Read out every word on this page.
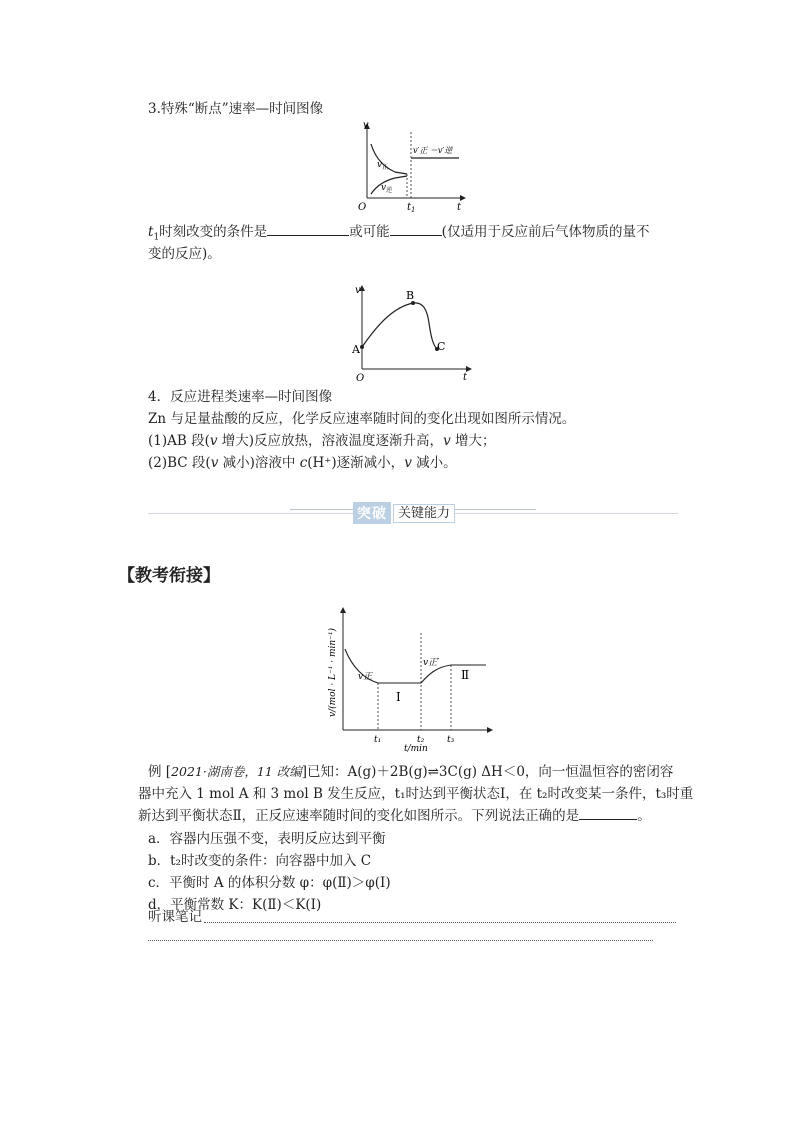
3.特殊“断点”速率—时间图像
v
t
O	$t_1$
$v_正$
$v_逆$
v′正 ＝v′逆
$t_1$时刻改变的条件是	或可能	(仅适用于反应前后气体物质的量不
变的反应)。
v
t
O
A
B
C
4．反应进程类速率—时间图像
Zn 与足量盐酸的反应，化学反应速率随时间的变化出现如图所示情况。
(1)AB 段(v 增大)反应放热，溶液温度逐渐升高，v 增大；
(2)BC 段(v 减小)溶液中 c(H⁺)逐渐减小，v 减小。
突破 关键能力
【教考衔接】
v/(mol · L⁻¹ · min⁻¹) v正
v正′
Ⅰ
Ⅱ
t₁	t₂	t₃
t/min
例 [2021·湖南卷，11 改编]已知：A(g)＋2B(g)⇌3C(g) ΔH＜0，向一恒温恒容的密闭容
器中充入 1 mol A 和 3 mol B 发生反应，t₁时达到平衡状态Ⅰ，在 t₂时改变某一条件，t₃时重
新达到平衡状态Ⅱ，正反应速率随时间的变化如图所示。下列说法正确的是	。
a．容器内压强不变，表明反应达到平衡
b．t₂时改变的条件：向容器中加入 C
c．平衡时 A 的体积分数 φ：φ(Ⅱ)＞φ(Ⅰ)
d．平衡常数 K：K(Ⅱ)＜K(Ⅰ)
听课笔记
